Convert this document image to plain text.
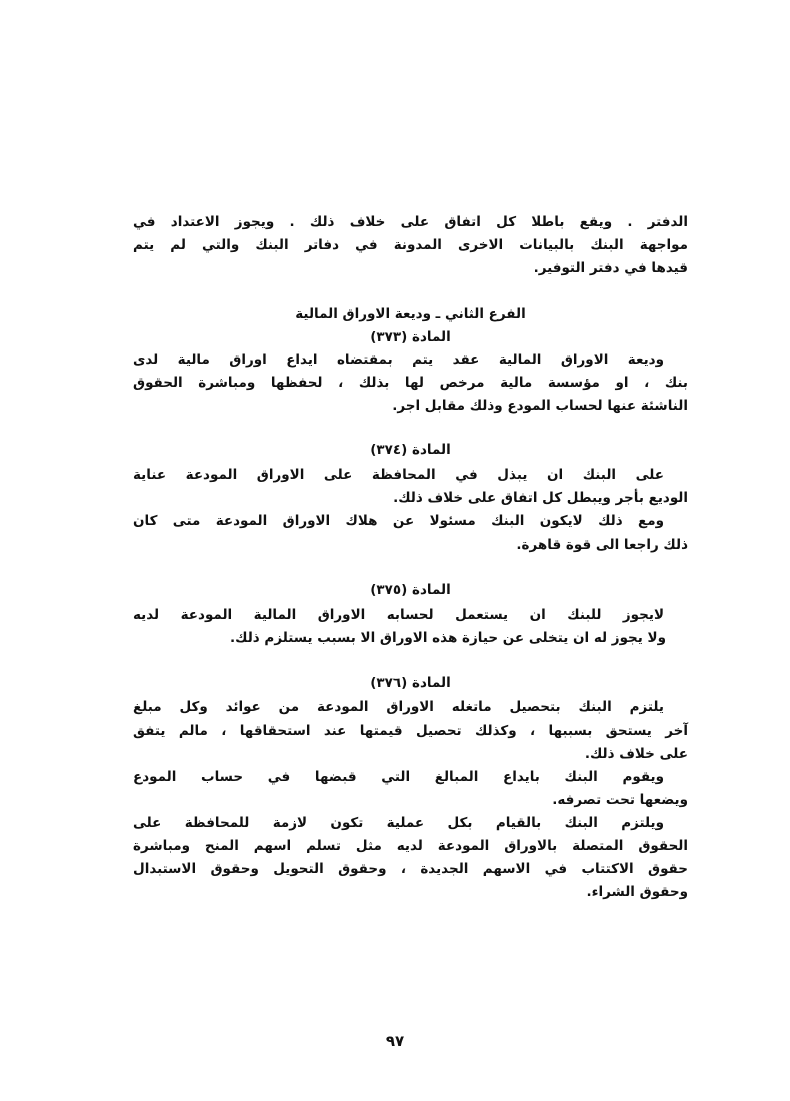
الدفتر . ويقع باطلا كل اتفاق على خلاف ذلك . ويجوز الاعتداد في
مواجهة البنك بالبيانات الاخرى المدونة في دفاتر البنك والتي لم يتم
قيدها في دفتر التوفير.
الفرع الثاني ـ وديعة الاوراق المالية
المادة (٣٧٣)
وديعة الاوراق المالية عقد يتم بمقتضاه ايداع اوراق مالية لدى
بنك ، او مؤسسة مالية مرخص لها بذلك ، لحفظها ومباشرة الحقوق
الناشئة عنها لحساب المودع وذلك مقابل اجر.
المادة (٣٧٤)
على البنك ان يبذل في المحافظة على الاوراق المودعة عناية
الوديع بأجر ويبطل كل اتفاق على خلاف ذلك.
ومع ذلك لايكون البنك مسئولا عن هلاك الاوراق المودعة متى كان
ذلك راجعا الى قوة قاهرة.
المادة (٣٧٥)
لايجوز للبنك ان يستعمل لحسابه الاوراق المالية المودعة لديه
ولا يجوز له ان يتخلى عن حيازة هذه الاوراق الا بسبب يستلزم ذلك.
المادة (٣٧٦)
يلتزم البنك بتحصيل ماتغله الاوراق المودعة من عوائد وكل مبلغ
آخر يستحق بسببها ، وكذلك تحصيل قيمتها عند استحقاقها ، مالم يتفق
على خلاف ذلك.
ويقوم البنك بايداع المبالغ التي قبضها في حساب المودع
ويضعها تحت تصرفه.
ويلتزم البنك بالقيام بكل عملية تكون لازمة للمحافظة على
الحقوق المتصلة بالاوراق المودعة لديه مثل تسلم اسهم المنح ومباشرة
حقوق الاكتتاب في الاسهم الجديدة ، وحقوق التحويل وحقوق الاستبدال
وحقوق الشراء.
٩٧
